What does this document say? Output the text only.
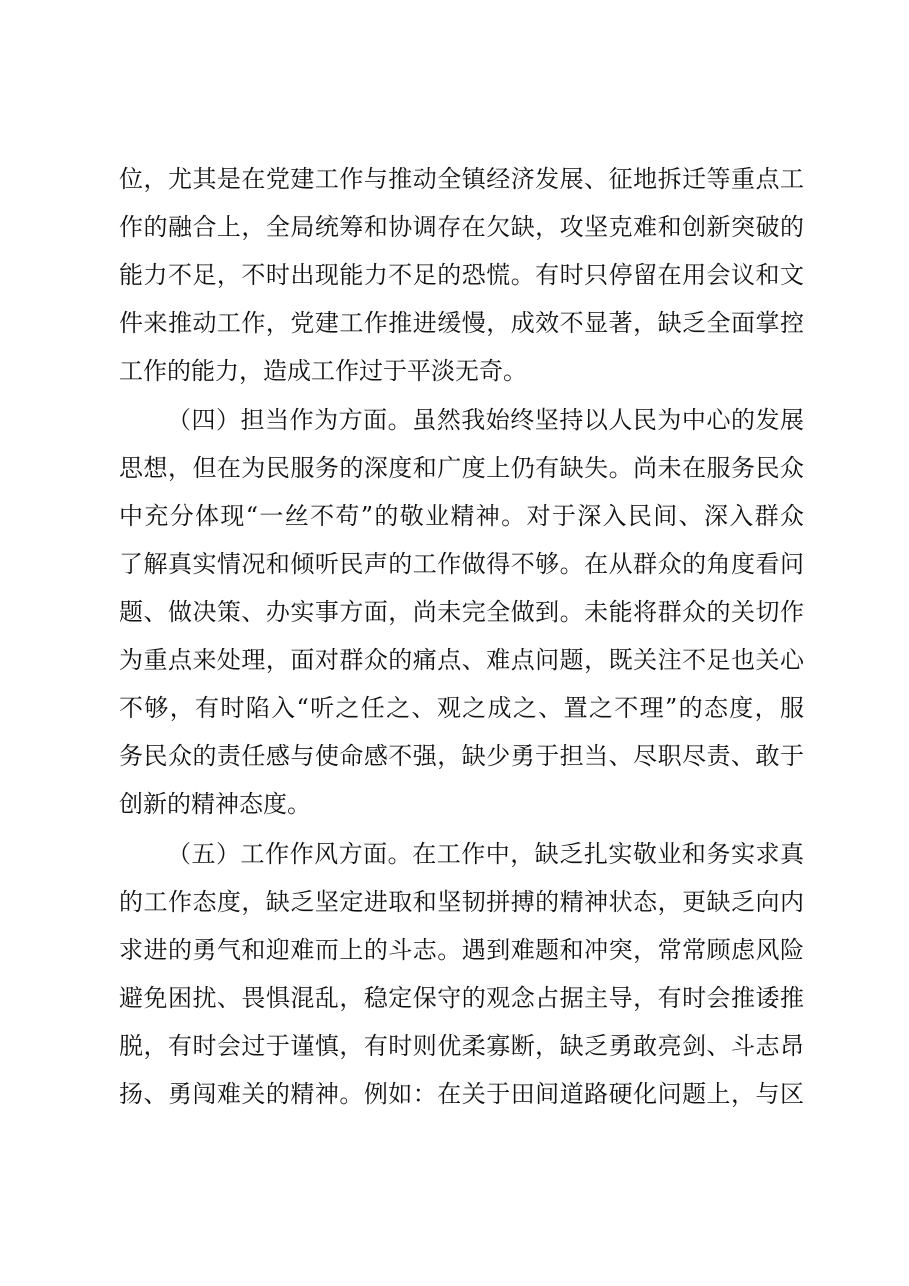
位，尤其是在党建工作与推动全镇经济发展、征地拆迁等重点工
作的融合上，全局统筹和协调存在欠缺，攻坚克难和创新突破的
能力不足，不时出现能力不足的恐慌。有时只停留在用会议和文
件来推动工作，党建工作推进缓慢，成效不显著，缺乏全面掌控
工作的能力，造成工作过于平淡无奇。
（四）担当作为方面。虽然我始终坚持以人民为中心的发展
思想，但在为民服务的深度和广度上仍有缺失。尚未在服务民众
中充分体现“一丝不苟”的敬业精神。对于深入民间、深入群众
了解真实情况和倾听民声的工作做得不够。在从群众的角度看问
题、做决策、办实事方面，尚未完全做到。未能将群众的关切作
为重点来处理，面对群众的痛点、难点问题，既关注不足也关心
不够，有时陷入“听之任之、观之成之、置之不理”的态度，服
务民众的责任感与使命感不强，缺少勇于担当、尽职尽责、敢于
创新的精神态度。
（五）工作作风方面。在工作中，缺乏扎实敬业和务实求真
的工作态度，缺乏坚定进取和坚韧拼搏的精神状态，更缺乏向内
求进的勇气和迎难而上的斗志。遇到难题和冲突，常常顾虑风险
避免困扰、畏惧混乱，稳定保守的观念占据主导，有时会推诿推
脱，有时会过于谨慎，有时则优柔寡断，缺乏勇敢亮剑、斗志昂
扬、勇闯难关的精神。例如：在关于田间道路硬化问题上，与区
